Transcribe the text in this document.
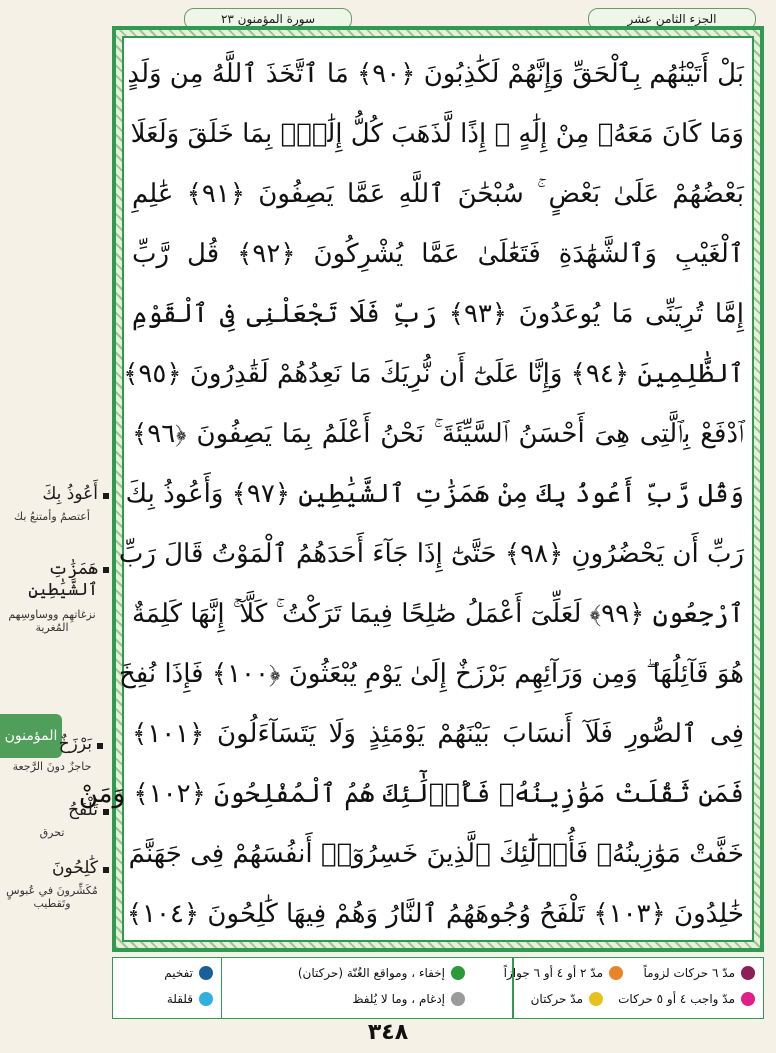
الجزء الثامن عشر
سورة المؤمنون ٢٣
بَلْ أَتَيْنَٰهُم بِٱلْحَقِّ وَإِنَّهُمْ لَكَٰذِبُونَ ﴿٩٠﴾ مَا ٱتَّخَذَ ٱللَّهُ مِن وَلَدٍ
وَمَا كَانَ مَعَهُۥ مِنْ إِلَٰهٍ ۚ إِذًا لَّذَهَبَ كُلُّ إِلَٰهٍۭ بِمَا خَلَقَ وَلَعَلَا
بَعْضُهُمْ عَلَىٰ بَعْضٍ ۚ سُبْحَٰنَ ٱللَّهِ عَمَّا يَصِفُونَ ﴿٩١﴾ عَٰلِمِ
ٱلْغَيْبِ وَٱلشَّهَٰدَةِ فَتَعَٰلَىٰ عَمَّا يُشْرِكُونَ ﴿٩٢﴾ قُل رَّبِّ
إِمَّا تُرِيَنِّى مَا يُوعَدُونَ ﴿٩٣﴾ رَبِّ فَلَا تَجْعَلْنِى فِى ٱلْقَوْمِ
ٱلظَّٰلِمِينَ ﴿٩٤﴾ وَإِنَّا عَلَىٰٓ أَن نُّرِيَكَ مَا نَعِدُهُمْ لَقَٰدِرُونَ ﴿٩٥﴾
ٱدْفَعْ بِٱلَّتِى هِىَ أَحْسَنُ ٱلسَّيِّئَةَ ۚ نَحْنُ أَعْلَمُ بِمَا يَصِفُونَ ﴿٩٦﴾
وَقُل رَّبِّ أَعُوذُ بِكَ مِنْ هَمَزَٰتِ ٱلشَّيَٰطِينِ ﴿٩٧﴾ وَأَعُوذُ بِكَ
رَبِّ أَن يَحْضُرُونِ ﴿٩٨﴾ حَتَّىٰٓ إِذَا جَآءَ أَحَدَهُمُ ٱلْمَوْتُ قَالَ رَبِّ
ٱرْجِعُونِ ﴿٩٩﴾ لَعَلِّىٓ أَعْمَلُ صَٰلِحًا فِيمَا تَرَكْتُ ۚ كَلَّآ ۚ إِنَّهَا كَلِمَةٌ
هُوَ قَآئِلُهَا ۖ وَمِن وَرَآئِهِم بَرْزَخٌ إِلَىٰ يَوْمِ يُبْعَثُونَ ﴿١٠٠﴾ فَإِذَا نُفِخَ
فِى ٱلصُّورِ فَلَآ أَنسَابَ بَيْنَهُمْ يَوْمَئِذٍ وَلَا يَتَسَآءَلُونَ ﴿١٠١﴾
فَمَن ثَقُلَتْ مَوَٰزِينُهُۥ فَأُو۟لَٰٓئِكَ هُمُ ٱلْمُفْلِحُونَ ﴿١٠٢﴾ وَمَنْ
خَفَّتْ مَوَٰزِينُهُۥ فَأُو۟لَٰٓئِكَ ٱلَّذِينَ خَسِرُوٓا۟ أَنفُسَهُمْ فِى جَهَنَّمَ
خَٰلِدُونَ ﴿١٠٣﴾ تَلْفَحُ وُجُوهَهُمُ ٱلنَّارُ وَهُمْ فِيهَا كَٰلِحُونَ ﴿١٠٤﴾
المؤمنون
أَعُوذُ بِكَ
أعتصمُ وأمتنعُ بك
هَمَزَٰتِ ٱلشَّيَٰطِينِ
نزغاتهِم ووساوسِهم المُغرية
بَرْزَخٌ
حاجزٌ دونَ الرَّجعة
تَلْفَحُ
تحرق
كَٰلِحُونَ
مُكَشِّرونَ في عُبوسٍ وتَقطيب
مدّ ٦ حركات لزوماً
مدّ واجب ٤ أو ٥ حركات
مدّ ٢ أو ٤ أو ٦ جوازاً
مدّ حركتان
إخفاء ، ومواقع الغُنّة (حركتان)
إدغام ، وما لا يُلفظ
تفخيم
قلقلة
٣٤٨
